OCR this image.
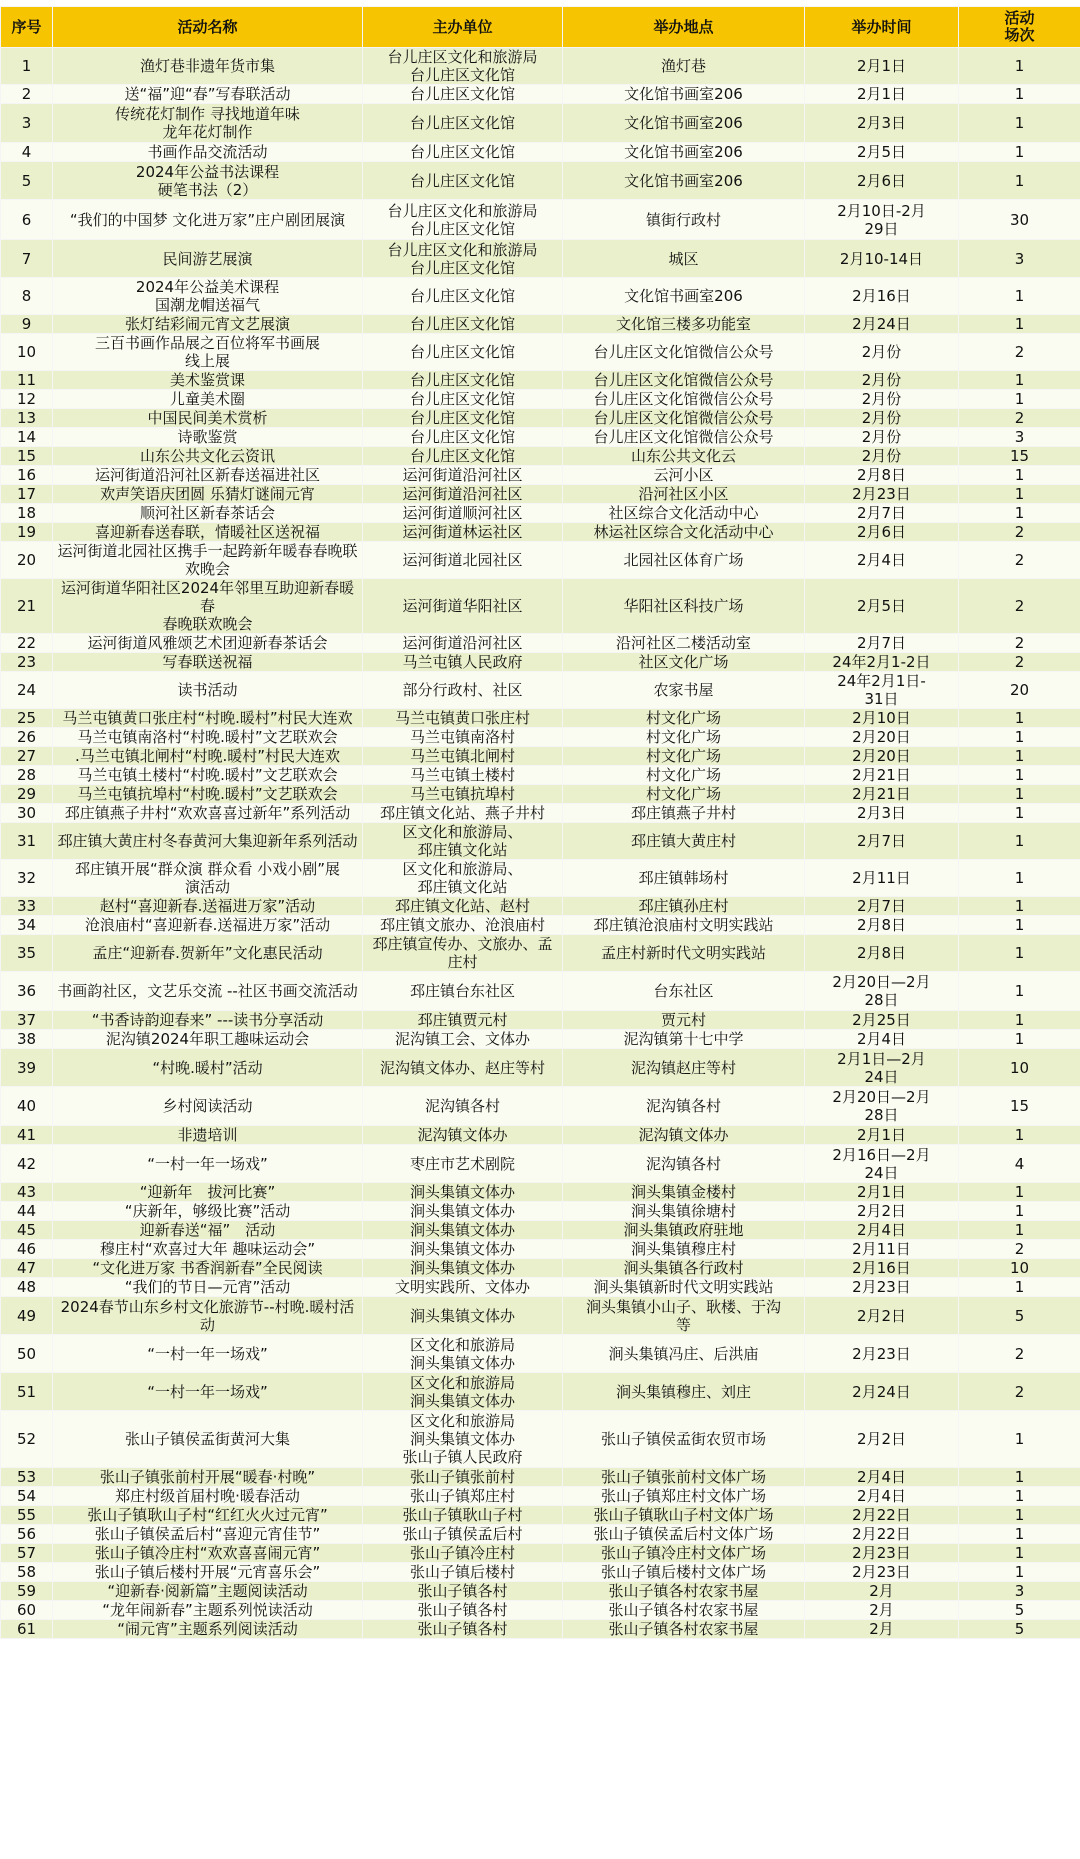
序号	活动名称	主办单位	举办地点	举办时间	活动
场次
1	渔灯巷非遗年货市集	台儿庄区文化和旅游局
台儿庄区文化馆	渔灯巷	2月1日	1
2	送“福”迎“春”写春联活动	台儿庄区文化馆	文化馆书画室206	2月1日	1
3	传统花灯制作 寻找地道年味
龙年花灯制作	台儿庄区文化馆	文化馆书画室206	2月3日	1
4	书画作品交流活动	台儿庄区文化馆	文化馆书画室206	2月5日	1
5	2024年公益书法课程
硬笔书法（2）	台儿庄区文化馆	文化馆书画室206	2月6日	1
6	“我们的中国梦 文化进万家”庄户剧团展演	台儿庄区文化和旅游局
台儿庄区文化馆	镇街行政村	2月10日-2月
29日	30
7	民间游艺展演	台儿庄区文化和旅游局
台儿庄区文化馆	城区	2月10-14日	3
8	2024年公益美术课程
国潮龙帽送福气	台儿庄区文化馆	文化馆书画室206	2月16日	1
9	张灯结彩闹元宵文艺展演	台儿庄区文化馆	文化馆三楼多功能室	2月24日	1
10	三百书画作品展之百位将军书画展
线上展	台儿庄区文化馆	台儿庄区文化馆微信公众号	2月份	2
11	美术鉴赏课	台儿庄区文化馆	台儿庄区文化馆微信公众号	2月份	1
12	儿童美术圈	台儿庄区文化馆	台儿庄区文化馆微信公众号	2月份	1
13	中国民间美术赏析	台儿庄区文化馆	台儿庄区文化馆微信公众号	2月份	2
14	诗歌鉴赏	台儿庄区文化馆	台儿庄区文化馆微信公众号	2月份	3
15	山东公共文化云资讯	台儿庄区文化馆	山东公共文化云	2月份	15
16	运河街道沿河社区新春送福进社区	运河街道沿河社区	云河小区	2月8日	1
17	欢声笑语庆团圆 乐猜灯谜闹元宵	运河街道沿河社区	沿河社区小区	2月23日	1
18	顺河社区新春茶话会	运河街道顺河社区	社区综合文化活动中心	2月7日	1
19	喜迎新春送春联，情暖社区送祝福	运河街道林运社区	林运社区综合文化活动中心	2月6日	2
20	运河街道北园社区携手一起跨新年暖春春晚联
欢晚会	运河街道北园社区	北园社区体育广场	2月4日	2
21	运河街道华阳社区2024年邻里互助迎新春暖春
春晚联欢晚会	运河街道华阳社区	华阳社区科技广场	2月5日	2
22	运河街道风雅颂艺术团迎新春茶话会	运河街道沿河社区	沿河社区二楼活动室	2月7日	2
23	写春联送祝福	马兰屯镇人民政府	社区文化广场	24年2月1-2日	2
24	读书活动	部分行政村、社区	农家书屋	24年2月1日-
31日	20
25	马兰屯镇黄口张庄村“村晚.暖村”村民大连欢	马兰屯镇黄口张庄村	村文化广场	2月10日	1
26	马兰屯镇南洛村“村晚.暖村”文艺联欢会	马兰屯镇南洛村	村文化广场	2月20日	1
27	.马兰屯镇北闸村“村晚.暖村”村民大连欢	马兰屯镇北闸村	村文化广场	2月20日	1
28	马兰屯镇土楼村“村晚.暖村”文艺联欢会	马兰屯镇土楼村	村文化广场	2月21日	1
29	马兰屯镇抗埠村“村晚.暖村”文艺联欢会	马兰屯镇抗埠村	村文化广场	2月21日	1
30	邳庄镇燕子井村“欢欢喜喜过新年”系列活动	邳庄镇文化站、燕子井村	邳庄镇燕子井村	2月3日	1
31	邳庄镇大黄庄村冬春黄河大集迎新年系列活动	区文化和旅游局、
邳庄镇文化站	邳庄镇大黄庄村	2月7日	1
32	邳庄镇开展“群众演 群众看 小戏小剧”展
演活动	区文化和旅游局、
邳庄镇文化站	邳庄镇韩场村	2月11日	1
33	赵村“喜迎新春.送福进万家”活动	邳庄镇文化站、赵村	邳庄镇孙庄村	2月7日	1
34	沧浪庙村“喜迎新春.送福进万家”活动	邳庄镇文旅办、沧浪庙村	邳庄镇沧浪庙村文明实践站	2月8日	1
35	孟庄“迎新春.贺新年”文化惠民活动	邳庄镇宣传办、文旅办、孟
庄村	孟庄村新时代文明实践站	2月8日	1
36	书画韵社区，文艺乐交流 --社区书画交流活动	邳庄镇台东社区	台东社区	2月20日—2月
28日	1
37	“书香诗韵迎春来” ---读书分享活动	邳庄镇贾元村	贾元村	2月25日	1
38	泥沟镇2024年职工趣味运动会	泥沟镇工会、文体办	泥沟镇第十七中学	2月4日	1
39	“村晚.暖村”活动	泥沟镇文体办、赵庄等村	泥沟镇赵庄等村	2月1日—2月
24日	10
40	乡村阅读活动	泥沟镇各村	泥沟镇各村	2月20日—2月
28日	15
41	非遗培训	泥沟镇文体办	泥沟镇文体办	2月1日	1
42	“一村一年一场戏”	枣庄市艺术剧院	泥沟镇各村	2月16日—2月
24日	4
43	“迎新年　拔河比赛”	涧头集镇文体办	涧头集镇金楼村	2月1日	1
44	“庆新年，够级比赛”活动	涧头集镇文体办	涧头集镇徐塘村	2月2日	1
45	迎新春送“福”　活动	涧头集镇文体办	涧头集镇政府驻地	2月4日	1
46	穆庄村“欢喜过大年 趣味运动会”	涧头集镇文体办	涧头集镇穆庄村	2月11日	2
47	“文化进万家 书香润新春”全民阅读	涧头集镇文体办	涧头集镇各行政村	2月16日	10
48	“我们的节日—元宵”活动	文明实践所、文体办	涧头集镇新时代文明实践站	2月23日	1
49	2024春节山东乡村文化旅游节--村晚.暖村活动	涧头集镇文体办	涧头集镇小山子、耿楼、于沟
等	2月2日	5
50	“一村一年一场戏”	区文化和旅游局
涧头集镇文体办	涧头集镇冯庄、后洪庙	2月23日	2
51	“一村一年一场戏”	区文化和旅游局
涧头集镇文体办	涧头集镇穆庄、刘庄	2月24日	2
52	张山子镇侯孟街黄河大集	区文化和旅游局
涧头集镇文体办
张山子镇人民政府	张山子镇侯孟街农贸市场	2月2日	1
53	张山子镇张前村开展“暖春·村晚”	张山子镇张前村	张山子镇张前村文体广场	2月4日	1
54	郑庄村级首届村晚·暖春活动	张山子镇郑庄村	张山子镇郑庄村文体广场	2月4日	1
55	张山子镇耿山子村“红红火火过元宵”	张山子镇耿山子村	张山子镇耿山子村文体广场	2月22日	1
56	张山子镇侯孟后村“喜迎元宵佳节”	张山子镇侯孟后村	张山子镇侯孟后村文体广场	2月22日	1
57	张山子镇冷庄村“欢欢喜喜闹元宵”	张山子镇冷庄村	张山子镇冷庄村文体广场	2月23日	1
58	张山子镇后楼村开展“元宵喜乐会”	张山子镇后楼村	张山子镇后楼村文体广场	2月23日	1
59	“迎新春·阅新篇”主题阅读活动	张山子镇各村	张山子镇各村农家书屋	2月	3
60	“龙年闹新春”主题系列悦读活动	张山子镇各村	张山子镇各村农家书屋	2月	5
61	“闹元宵”主题系列阅读活动	张山子镇各村	张山子镇各村农家书屋	2月	5
